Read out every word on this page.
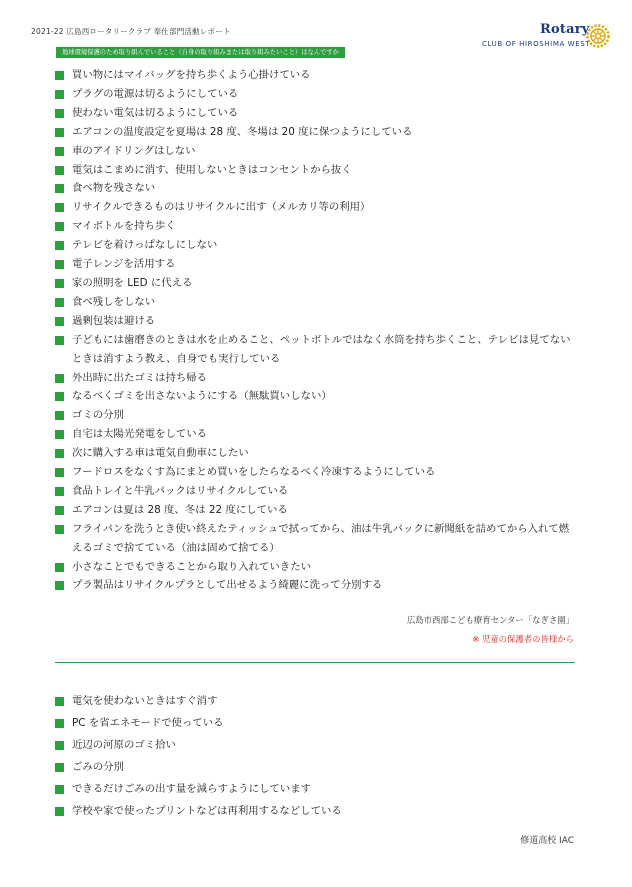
2021-22 広島西ロータリークラブ 奉仕部門活動レポート
地球環境保護のため取り組んでいること（自身の取り組みまたは取り組みたいこと）はなんですか
Rotary
CLUB OF HIROSHIMA WEST
買い物にはマイバッグを持ち歩くよう心掛けている
プラグの電源は切るようにしている
使わない電気は切るようにしている
エアコンの温度設定を夏場は 28 度、冬場は 20 度に保つようにしている
車のアイドリングはしない
電気はこまめに消す、使用しないときはコンセントから抜く
食べ物を残さない
リサイクルできるものはリサイクルに出す（メルカリ等の利用）
マイボトルを持ち歩く
テレビを着けっぱなしにしない
電子レンジを活用する
家の照明を LED に代える
食べ残しをしない
過剰包装は避ける
子どもには歯磨きのときは水を止めること、ペットボトルではなく水筒を持ち歩くこと、テレビは見てないときは消すよう教え、自身でも実行している
外出時に出たゴミは持ち帰る
なるべくゴミを出さないようにする（無駄買いしない）
ゴミの分別
自宅は太陽光発電をしている
次に購入する車は電気自動車にしたい
フードロスをなくす為にまとめ買いをしたらなるべく冷凍するようにしている
食品トレイと牛乳パックはリサイクルしている
エアコンは夏は 28 度、冬は 22 度にしている
フライパンを洗うとき使い終えたティッシュで拭ってから、油は牛乳パックに新聞紙を詰めてから入れて燃えるゴミで捨てている（油は固めて捨てる）
小さなことでもできることから取り入れていきたい
プラ製品はリサイクルプラとして出せるよう綺麗に洗って分別する
広島市西部こども療育センター「なぎさ園」
※ 児童の保護者の皆様から
電気を使わないときはすぐ消す
PC を省エネモードで使っている
近辺の河原のゴミ拾い
ごみの分別
できるだけごみの出す量を減らすようにしています
学校や家で使ったプリントなどは再利用するなどしている
修道高校 IAC
